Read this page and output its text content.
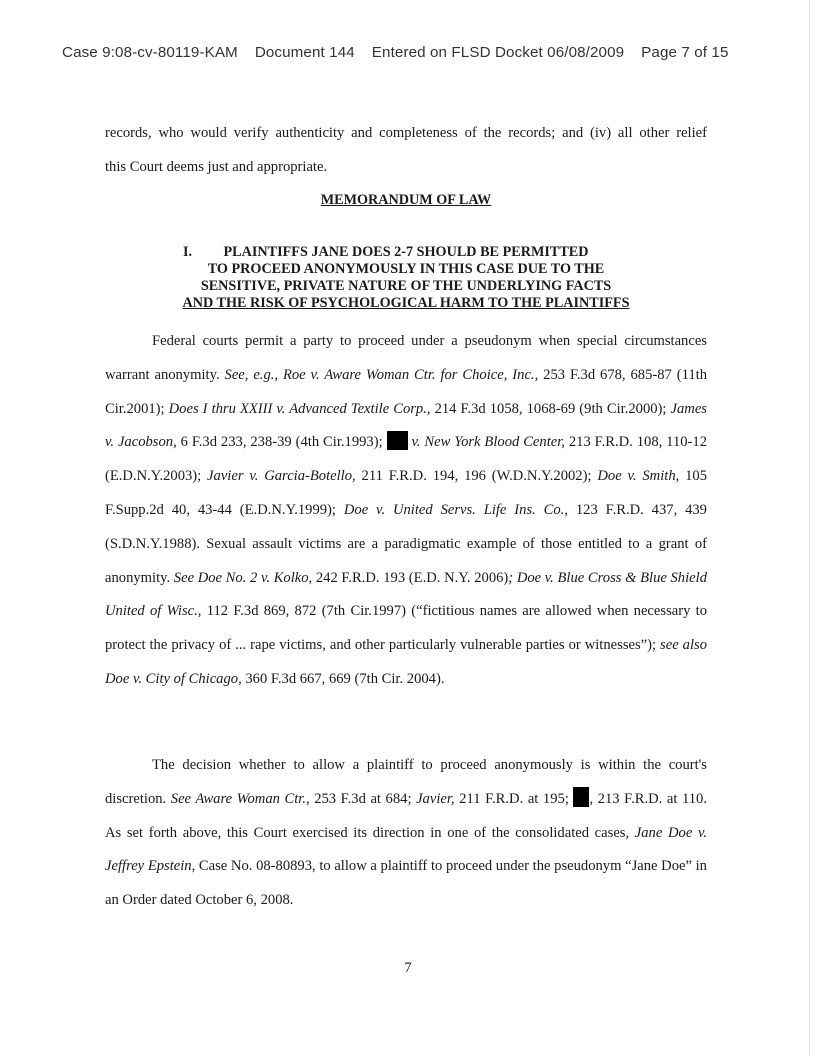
Case 9:08-cv-80119-KAM Document 144 Entered on FLSD Docket 06/08/2009 Page 7 of 15

records, who would verify authenticity and completeness of the records; and (iv) all other relief

this Court deems just and appropriate.

MEMORANDUM OF LAW
I. PLAINTIFFS JANE DOES 2-7 SHOULD BE PERMITTED
TO PROCEED ANONYMOUSLY IN THIS CASE DUE TO THE
SENSITIVE, PRIVATE NATURE OF THE UNDERLYING FACTS
AND THE RISK OF PSYCHOLOGICAL HARM TO THE PLAINTIFFS

Federal courts permit a party to proceed under a pseudonym when special circumstances warrant anonymity. See, e.g., Roe v. Aware Woman Ctr. for Choice, Inc., 253 F.3d 678, 685-87 (11th Cir.2001); Does I thru XXIII v. Advanced Textile Corp., 214 F.3d 1058, 1068-69 (9th Cir.2000); James v. Jacobson, 6 F.3d 233, 238-39 (4th Cir.1993);  v. New York Blood Center, 213 F.R.D. 108, 110-12 (E.D.N.Y.2003); Javier v. Garcia-Botello, 211 F.R.D. 194, 196 (W.D.N.Y.2002); Doe v. Smith, 105 F.Supp.2d 40, 43-44 (E.D.N.Y.1999); Doe v. United Servs. Life Ins. Co., 123 F.R.D. 437, 439 (S.D.N.Y.1988). Sexual assault victims are a paradigmatic example of those entitled to a grant of anonymity. See Doe No. 2 v. Kolko, 242 F.R.D. 193 (E.D. N.Y. 2006); Doe v. Blue Cross & Blue Shield United of Wisc., 112 F.3d 869, 872 (7th Cir.1997) (“fictitious names are allowed when necessary to protect the privacy of ... rape victims, and other particularly vulnerable parties or witnesses”); see also Doe v. City of Chicago, 360 F.3d 667, 669 (7th Cir. 2004).

The decision whether to allow a plaintiff to proceed anonymously is within the court's discretion. See Aware Woman Ctr., 253 F.3d at 684; Javier, 211 F.R.D. at 195; , 213 F.R.D. at 110. As set forth above, this Court exercised its direction in one of the consolidated cases, Jane Doe v. Jeffrey Epstein, Case No. 08-80893, to allow a plaintiff to proceed under the pseudonym “Jane Doe” in an Order dated October 6, 2008.

7
